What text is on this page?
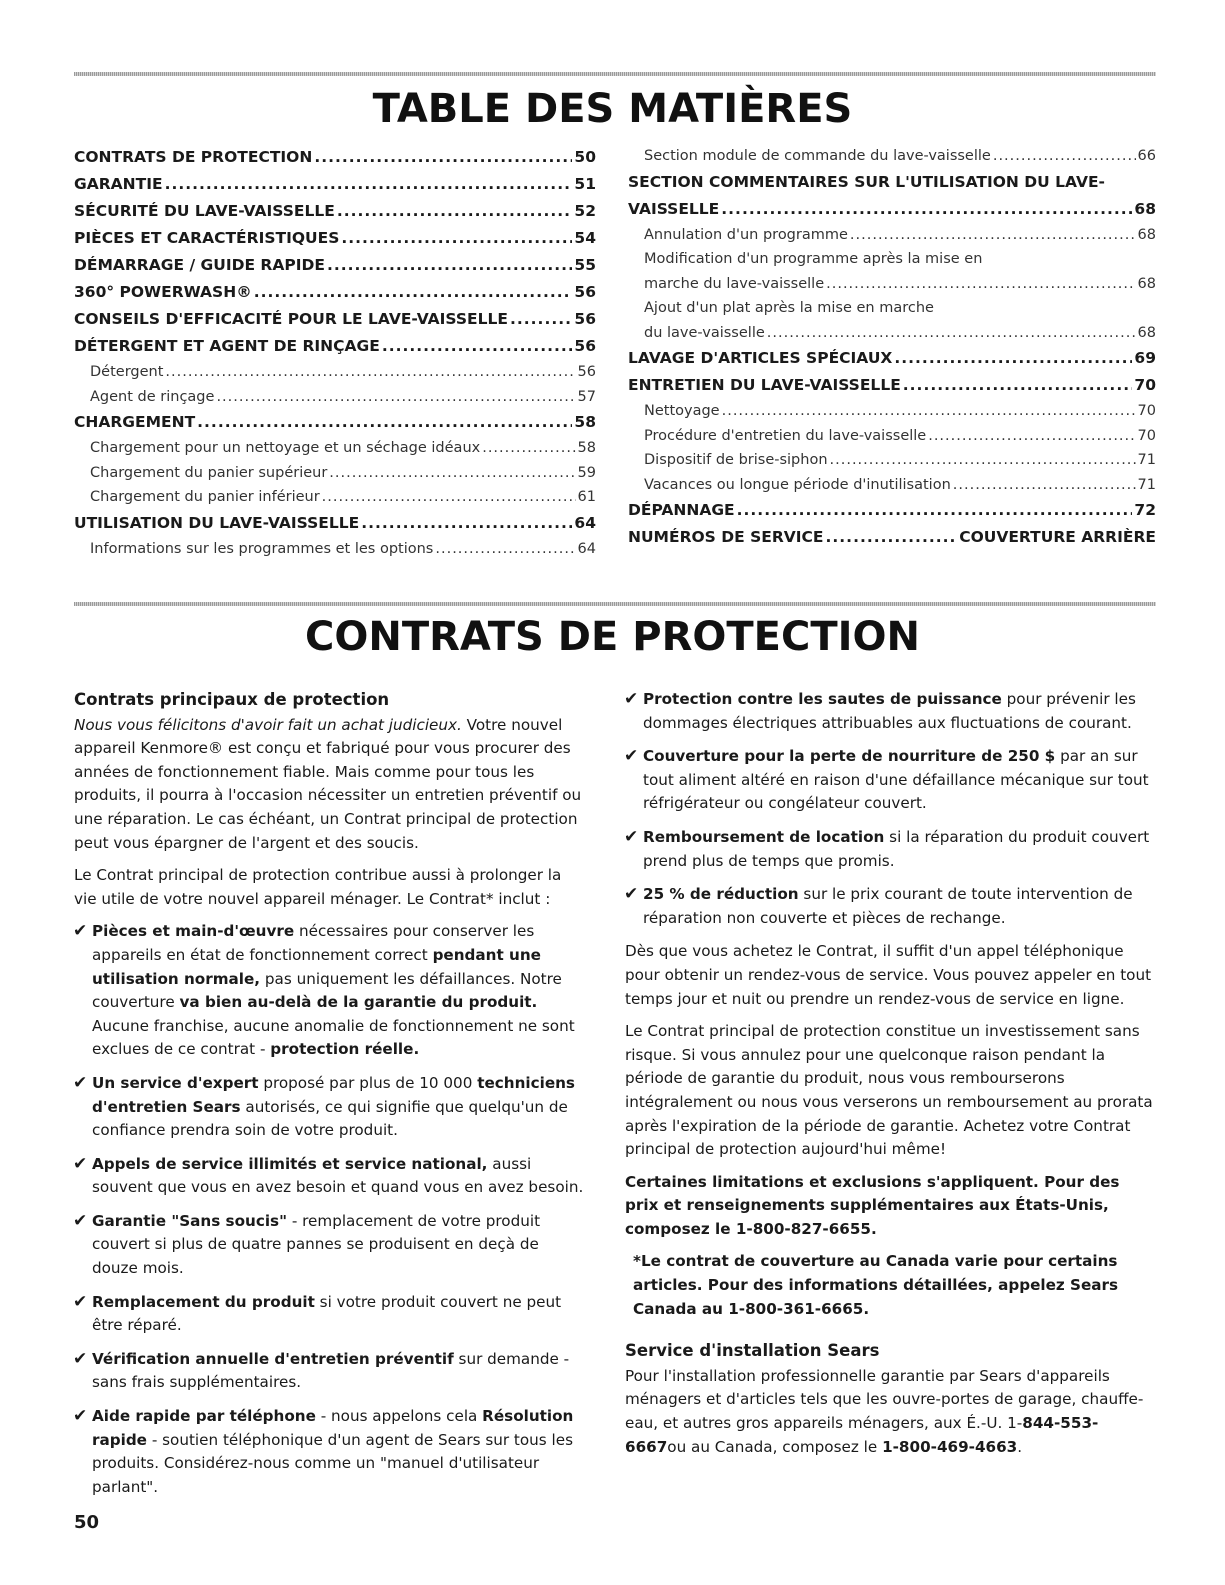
TABLE DES MATIÈRES
CONTRATS DE PROTECTION .....	50
GARANTIE .....	51
SÉCURITÉ DU LAVE-VAISSELLE .....	52
PIÈCES ET CARACTÉRISTIQUES .....	54
DÉMARRAGE / GUIDE RAPIDE .....	55
360° POWERWASH® .....	56
CONSEILS D'EFFICACITÉ POUR LE LAVE-VAISSELLE .....	56
DÉTERGENT ET AGENT DE RINÇAGE .....	56
Détergent .....	56
Agent de rinçage .....	57
CHARGEMENT .....	58
Chargement pour un nettoyage et un séchage idéaux .....	58
Chargement du panier supérieur .....	59
Chargement du panier inférieur .....	61
UTILISATION DU LAVE-VAISSELLE .....	64
Informations sur les programmes et les options .....	64
Section module de commande du lave-vaisselle .....	66
SECTION COMMENTAIRES SUR L'UTILISATION DU LAVE-
VAISSELLE .....	68
Annulation d'un programme .....	68
Modification d'un programme après la mise en
marche du lave-vaisselle .....	68
Ajout d'un plat après la mise en marche
du lave-vaisselle .....	68
LAVAGE D'ARTICLES SPÉCIAUX .....	69
ENTRETIEN DU LAVE-VAISSELLE .....	70
Nettoyage .....	70
Procédure d'entretien du lave-vaisselle .....	70
Dispositif de brise-siphon .....	71
Vacances ou longue période d'inutilisation .....	71
DÉPANNAGE .....	72
NUMÉROS DE SERVICE .....	COUVERTURE ARRIÈRE
CONTRATS DE PROTECTION
Contrats principaux de protection

Nous vous félicitons d'avoir fait un achat judicieux. Votre nouvel appareil Kenmore® est conçu et fabriqué pour vous procurer des années de fonctionnement fiable. Mais comme pour tous les produits, il pourra à l'occasion nécessiter un entretien préventif ou une réparation. Le cas échéant, un Contrat principal de protection peut vous épargner de l'argent et des soucis.

Le Contrat principal de protection contribue aussi à prolonger la vie utile de votre nouvel appareil ménager. Le Contrat* inclut :

✔ Pièces et main-d'œuvre nécessaires pour conserver les appareils en état de fonctionnement correct pendant une utilisation normale, pas uniquement les défaillances. Notre couverture va bien au-delà de la garantie du produit. Aucune franchise, aucune anomalie de fonctionnement ne sont exclues de ce contrat - protection réelle.
✔ Un service d'expert proposé par plus de 10 000 techniciens d'entretien Sears autorisés, ce qui signifie que quelqu'un de confiance prendra soin de votre produit.
✔ Appels de service illimités et service national, aussi souvent que vous en avez besoin et quand vous en avez besoin.
✔ Garantie "Sans soucis" - remplacement de votre produit couvert si plus de quatre pannes se produisent en deçà de douze mois.
✔ Remplacement du produit si votre produit couvert ne peut être réparé.
✔ Vérification annuelle d'entretien préventif sur demande - sans frais supplémentaires.
✔ Aide rapide par téléphone - nous appelons cela Résolution rapide - soutien téléphonique d'un agent de Sears sur tous les produits. Considérez-nous comme un "manuel d'utilisateur parlant".
✔ Protection contre les sautes de puissance pour prévenir les dommages électriques attribuables aux fluctuations de courant.
✔ Couverture pour la perte de nourriture de 250 $ par an sur tout aliment altéré en raison d'une défaillance mécanique sur tout réfrigérateur ou congélateur couvert.
✔ Remboursement de location si la réparation du produit couvert prend plus de temps que promis.
✔ 25 % de réduction sur le prix courant de toute intervention de réparation non couverte et pièces de rechange.

Dès que vous achetez le Contrat, il suffit d'un appel téléphonique pour obtenir un rendez-vous de service. Vous pouvez appeler en tout temps jour et nuit ou prendre un rendez-vous de service en ligne.

Le Contrat principal de protection constitue un investissement sans risque. Si vous annulez pour une quelconque raison pendant la période de garantie du produit, nous vous rembourserons intégralement ou nous vous verserons un remboursement au prorata après l'expiration de la période de garantie. Achetez votre Contrat principal de protection aujourd'hui même!

Certaines limitations et exclusions s'appliquent. Pour des prix et renseignements supplémentaires aux États-Unis, composez le 1-800-827-6655.

*Le contrat de couverture au Canada varie pour certains articles. Pour des informations détaillées, appelez Sears Canada au 1-800-361-6665.

Service d'installation Sears

Pour l'installation professionnelle garantie par Sears d'appareils ménagers et d'articles tels que les ouvre-portes de garage, chauffe-eau, et autres gros appareils ménagers, aux É.-U. 1-844-553-6667ou au Canada, composez le 1-800-469-4663.

50
